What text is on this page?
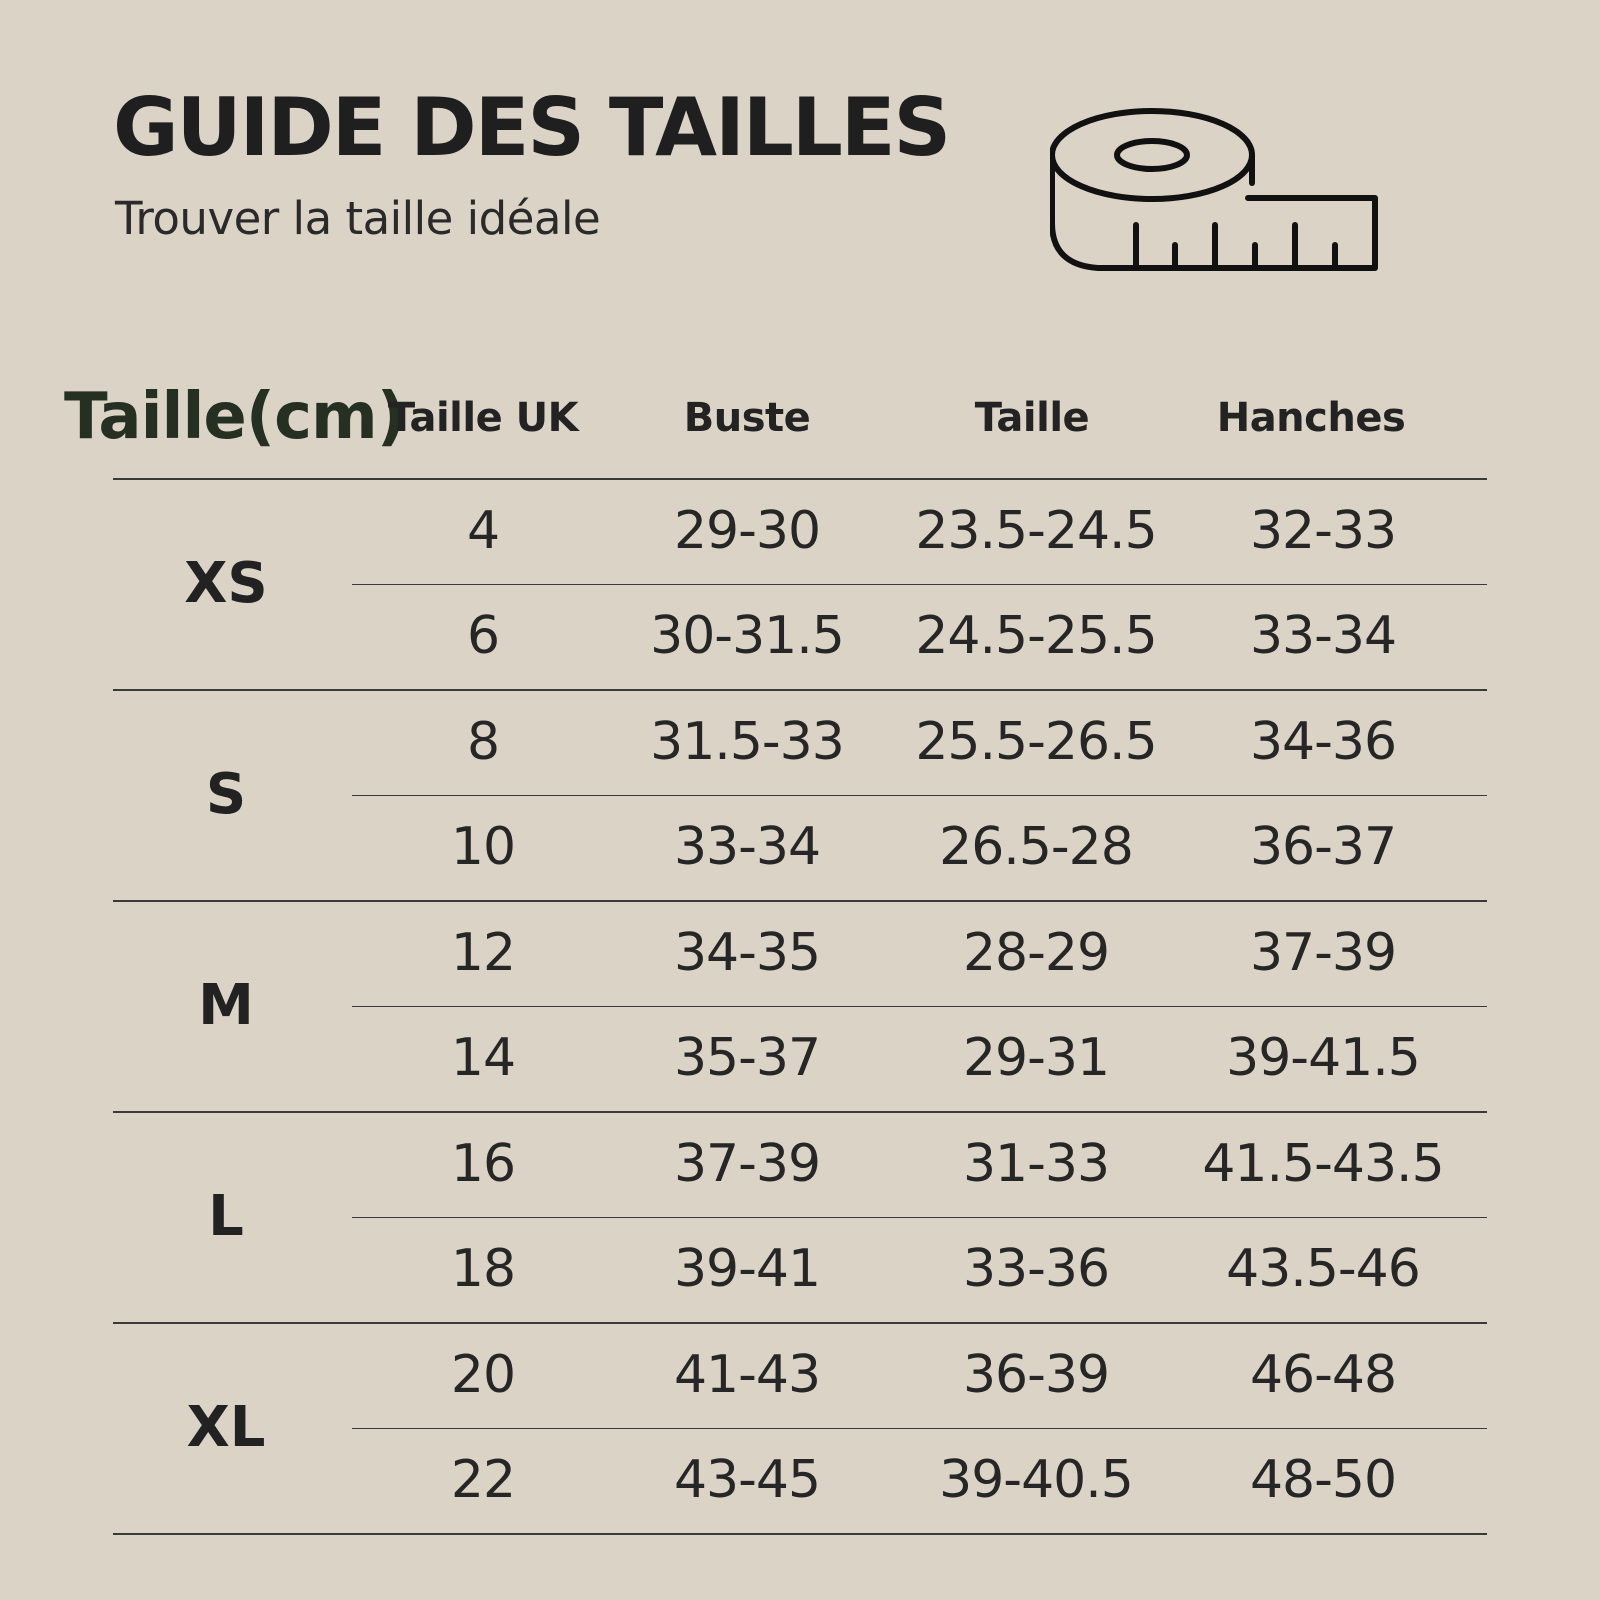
GUIDE DES TAILLES
Trouver la taille idéale
Taille(cm)
Taille UK	Buste	Taille	Hanches
XS
4	29-30 23.5-24.5 32-33
6	30-31.5 24.5-25.5 33-34
S
8	31.5-33 25.5-26.5 34-36
10	33-34 26.5-28 36-37
M
12	34-35	28-29	37-39
14	35-37	29-31 39-41.5
L
16	37-39	31-33 41.5-43.5
18	39-41	33-36 43.5-46
XL
20	41-43	36-39	46-48
22	43-45 39-40.5 48-50
